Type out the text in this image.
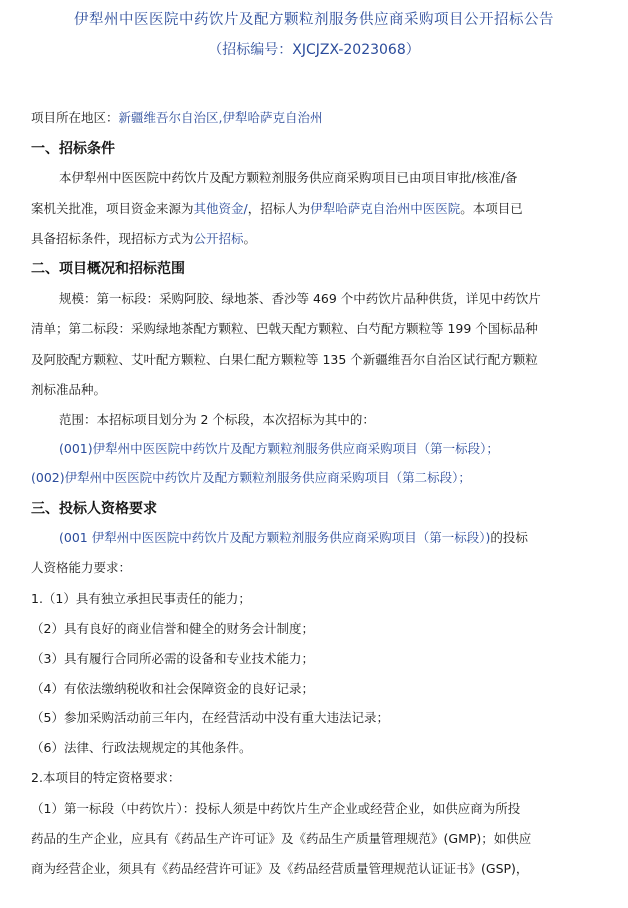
伊犁州中医医院中药饮片及配方颗粒剂服务供应商采购项目公开招标公告
（招标编号：XJCJZX-2023068）
项目所在地区：新疆维吾尔自治区,伊犁哈萨克自治州
一、招标条件
本伊犁州中医医院中药饮片及配方颗粒剂服务供应商采购项目已由项目审批/核准/备
案机关批准，项目资金来源为其他资金/，招标人为伊犁哈萨克自治州中医医院。本项目已
具备招标条件，现招标方式为公开招标。
二、项目概况和招标范围
规模：第一标段：采购阿胶、绿地茶、香沙等 469 个中药饮片品种供货，详见中药饮片
清单；第二标段：采购绿地茶配方颗粒、巴戟天配方颗粒、白芍配方颗粒等 199 个国标品种
及阿胶配方颗粒、艾叶配方颗粒、白果仁配方颗粒等 135 个新疆维吾尔自治区试行配方颗粒
剂标准品种。
范围：本招标项目划分为 2 个标段，本次招标为其中的：
(001)伊犁州中医医院中药饮片及配方颗粒剂服务供应商采购项目（第一标段）；
(002)伊犁州中医医院中药饮片及配方颗粒剂服务供应商采购项目（第二标段）；
三、投标人资格要求
(001 伊犁州中医医院中药饮片及配方颗粒剂服务供应商采购项目（第一标段）)的投标
人资格能力要求：
1.（1）具有独立承担民事责任的能力；
（2）具有良好的商业信誉和健全的财务会计制度；
（3）具有履行合同所必需的设备和专业技术能力；
（4）有依法缴纳税收和社会保障资金的良好记录；
（5）参加采购活动前三年内，在经营活动中没有重大违法记录；
（6）法律、行政法规规定的其他条件。
2.本项目的特定资格要求：
（1）第一标段（中药饮片）：投标人须是中药饮片生产企业或经营企业，如供应商为所投
药品的生产企业，应具有《药品生产许可证》及《药品生产质量管理规范》(GMP)；如供应
商为经营企业，须具有《药品经营许可证》及《药品经营质量管理规范认证证书》(GSP)，
